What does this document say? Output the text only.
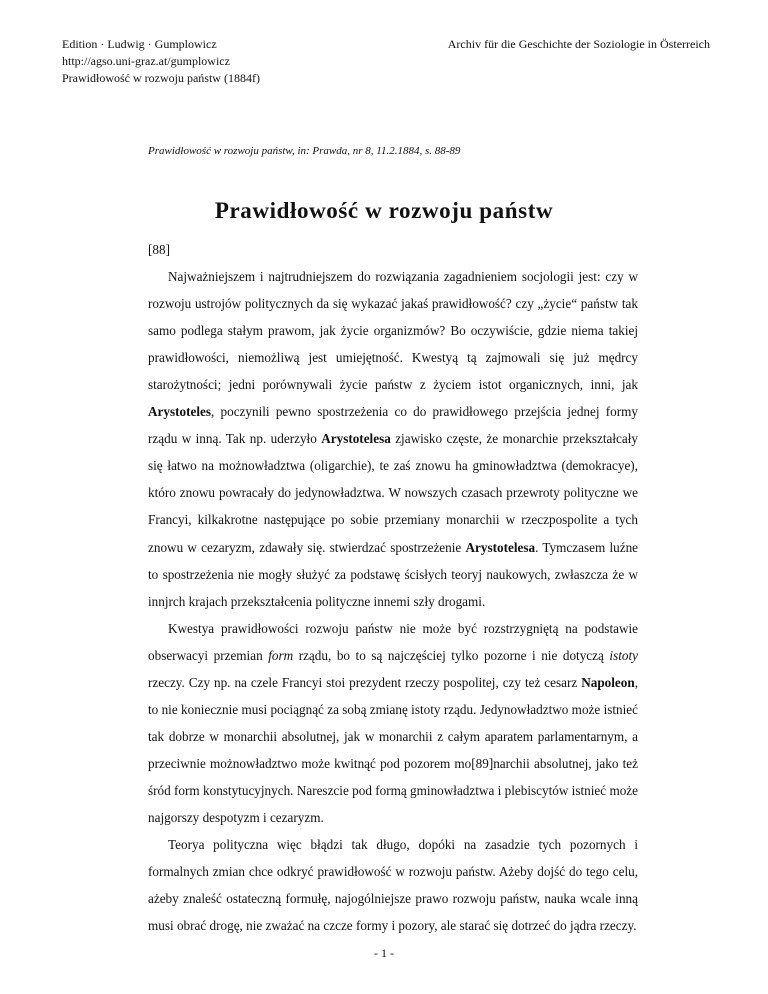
Edition · Ludwig · Gumplowicz
http://agso.uni-graz.at/gumplowicz
Prawidłowość w rozwoju państw (1884f)
Archiv für die Geschichte der Soziologie in Österreich
Prawidłowość w rozwoju państw, in: Prawda, nr 8, 11.2.1884, s. 88-89
Prawidłowość w rozwoju państw

[88]

Najważniejszem i najtrudniejszem do rozwiązania zagadnieniem socjologii jest: czy w rozwoju ustrojów politycznych da się wykazać jakaś prawidłowość? czy „życie“ państw tak samo podlega stałym prawom, jak życie organizmów? Bo oczywiście, gdzie niema takiej prawidłowości, niemożliwą jest umiejętność. Kwestyą tą zajmowali się już mędrcy starożytności; jedni porównywali życie państw z życiem istot organicznych, inni, jak Arystoteles, poczynili pewno spostrzeżenia co do prawidłowego przejścia jednej formy rządu w inną. Tak np. uderzyło Arystotelesa zjawisko częste, że monarchie przekształcały się łatwo na możnowładztwa (oligarchie), te zaś znowu ha gminowładztwa (demokracye), któro znowu powracały do jedynowładztwa. W nowszych czasach przewroty polityczne we Francyi, kilkakrotne następujące po sobie przemiany monarchii w rzeczpospolite a tych znowu w cezaryzm, zdawały się. stwierdzać spostrzeżenie Arystotelesa. Tymczasem luźne to spostrzeżenia nie mogły służyć za podstawę ścisłych teoryj naukowych, zwłaszcza że w innjrch krajach przekształcenia polityczne innemi szły drogami.

Kwestya prawidłowości rozwoju państw nie może być rozstrzygniętą na podstawie obserwacyi przemian form rządu, bo to są najczęściej tylko pozorne i nie dotyczą istoty rzeczy. Czy np. na czele Francyi stoi prezydent rzeczy pospolitej, czy też cesarz Napoleon, to nie koniecznie musi pociągnąć za sobą zmianę istoty rządu. Jedynowładztwo może istnieć tak dobrze w monarchii absolutnej, jak w monarchii z całym aparatem parlamentarnym, a przeciwnie możnowładztwo może kwitnąć pod pozorem mo[89]narchii absolutnej, jako też śród form konstytucyjnych. Nareszcie pod formą gminowładztwa i plebiscytów istnieć może najgorszy despotyzm i cezaryzm.

Teorya polityczna więc błądzi tak długo, dopóki na zasadzie tych pozornych i formalnych zmian chce odkryć prawidłowość w rozwoju państw. Ażeby dojść do tego celu, ażeby znaleść ostateczną formułę, najogólniejsze prawo rozwoju państw, nauka wcale inną musi obrać drogę, nie zważać na czcze formy i pozory, ale starać się dotrzeć do jądra rzeczy.

- 1 -
